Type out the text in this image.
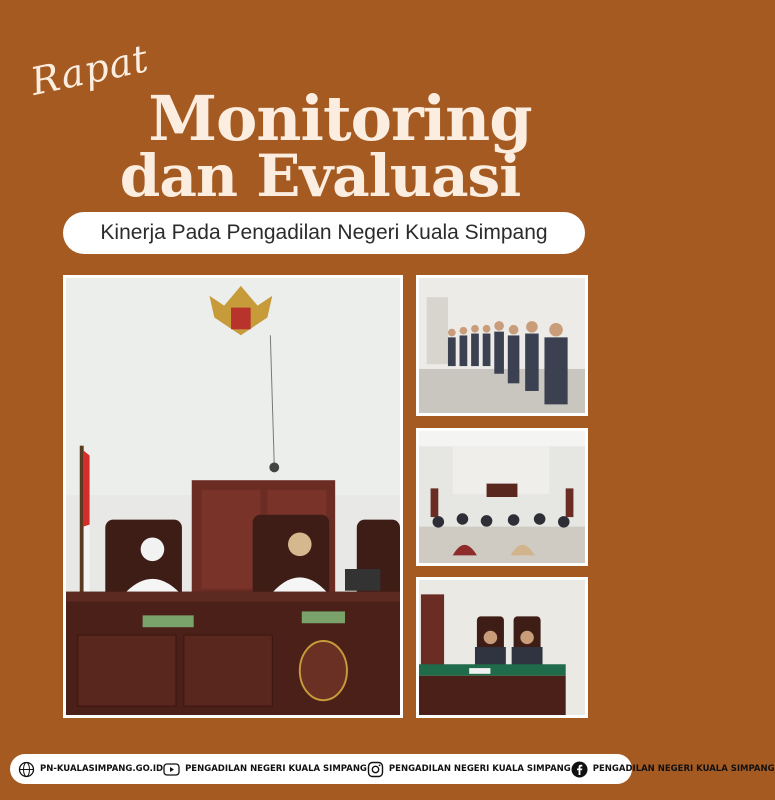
Rapat
Monitoring
dan Evaluasi
Kinerja Pada Pengadilan Negeri Kuala Simpang
PN-KUALASIMPANG.GO.ID	PENGADILAN NEGERI KUALA SIMPANG	PENGADILAN NEGERI KUALA SIMPANG	PENGADILAN NEGERI KUALA SIMPANG
